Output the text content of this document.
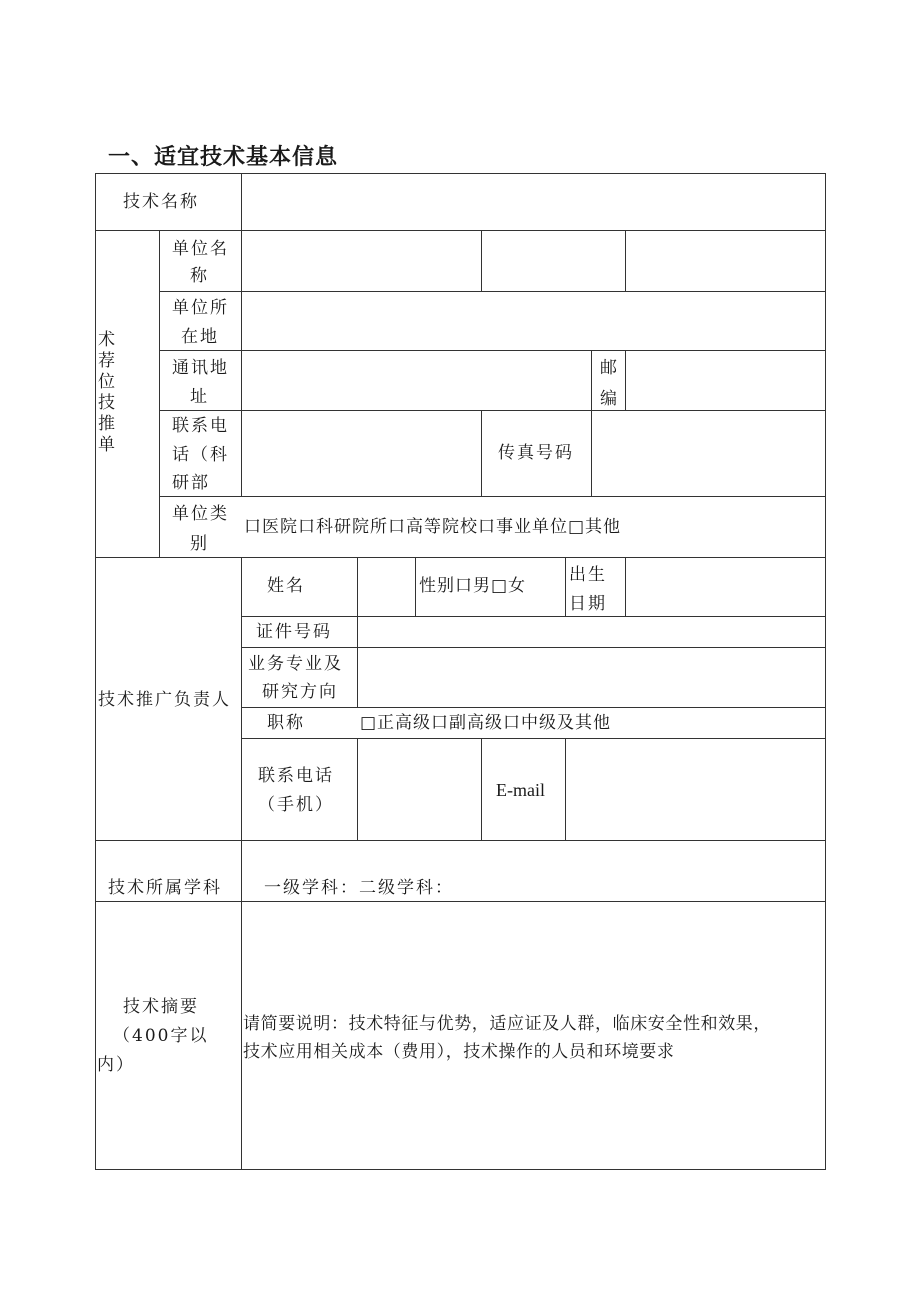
一、适宜技术基本信息
技术名称
术荐位技推单
单位名
称
单位所
在地
通讯地
址
邮
编
联系电
话（科
研部
传真号码
单位类
别
口医院口科研院所口高等院校口事业单位□其他
技术推广负责人
姓名	性别口男□女
出生
日期
证件号码
业务专业及
研究方向
职称	□正高级口副高级口中级及其他
联系电话
（手机）
E-mail
技术所属学科 一级学科：二级学科：
技术摘要
（400字以
内）
请简要说明：技术特征与优势，适应证及人群，临床安全性和效果，
技术应用相关成本（费用），技术操作的人员和环境要求
